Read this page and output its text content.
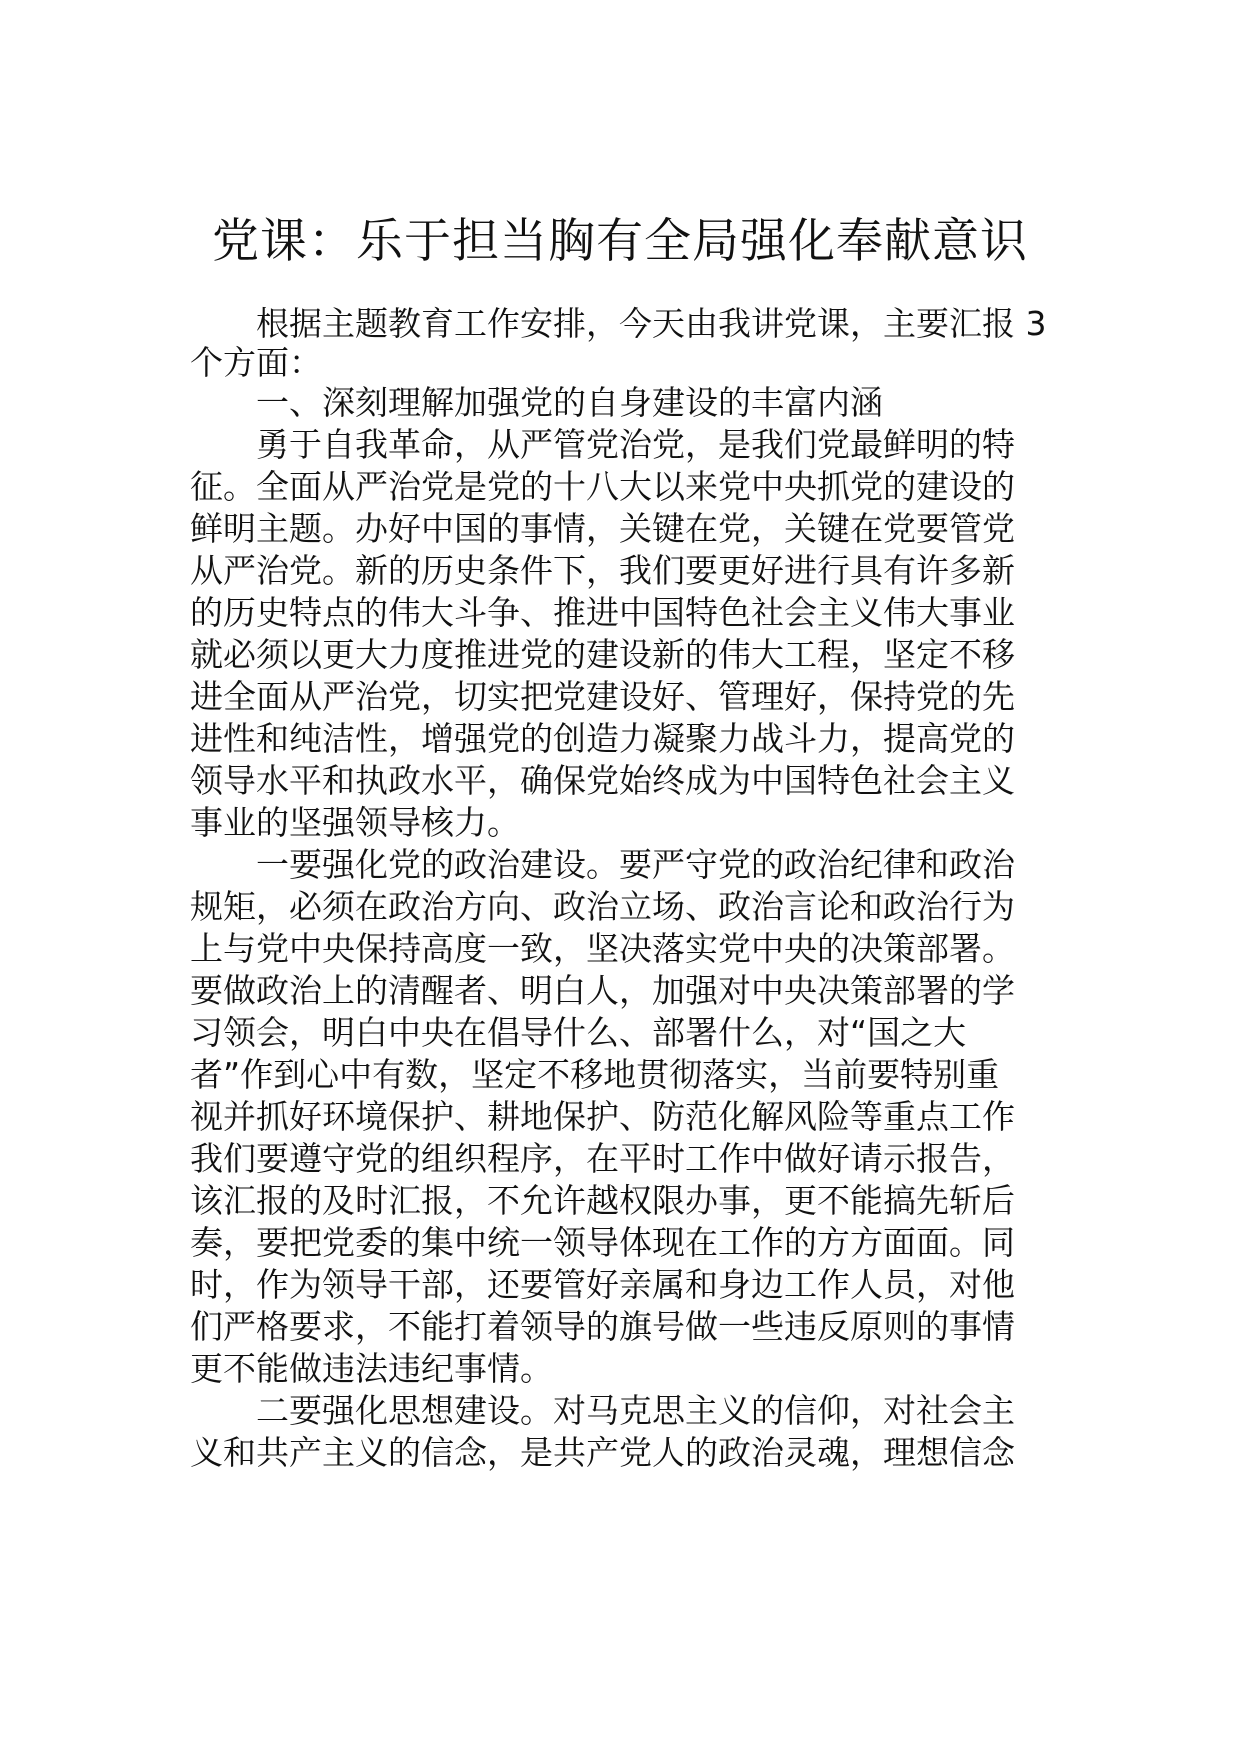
党课：乐于担当胸有全局强化奉献意识
根据主题教育工作安排，今天由我讲党课，主要汇报 3
个方面：
一、深刻理解加强党的自身建设的丰富内涵
勇于自我革命，从严管党治党，是我们党最鲜明的特
征。全面从严治党是党的十八大以来党中央抓党的建设的
鲜明主题。办好中国的事情，关键在党，关键在党要管党
从严治党。新的历史条件下，我们要更好进行具有许多新
的历史特点的伟大斗争、推进中国特色社会主义伟大事业
就必须以更大力度推进党的建设新的伟大工程，坚定不移
进全面从严治党，切实把党建设好、管理好，保持党的先
进性和纯洁性，增强党的创造力凝聚力战斗力，提高党的
领导水平和执政水平，确保党始终成为中国特色社会主义
事业的坚强领导核力。
一要强化党的政治建设。要严守党的政治纪律和政治
规矩，必须在政治方向、政治立场、政治言论和政治行为
上与党中央保持高度一致，坚决落实党中央的决策部署。
要做政治上的清醒者、明白人，加强对中央决策部署的学
习领会，明白中央在倡导什么、部署什么，对“国之大
者”作到心中有数，坚定不移地贯彻落实，当前要特别重
视并抓好环境保护、耕地保护、防范化解风险等重点工作
我们要遵守党的组织程序，在平时工作中做好请示报告，
该汇报的及时汇报，不允许越权限办事，更不能搞先斩后
奏，要把党委的集中统一领导体现在工作的方方面面。同
时，作为领导干部，还要管好亲属和身边工作人员，对他
们严格要求，不能打着领导的旗号做一些违反原则的事情
更不能做违法违纪事情。
二要强化思想建设。对马克思主义的信仰，对社会主
义和共产主义的信念，是共产党人的政治灵魂，理想信念
